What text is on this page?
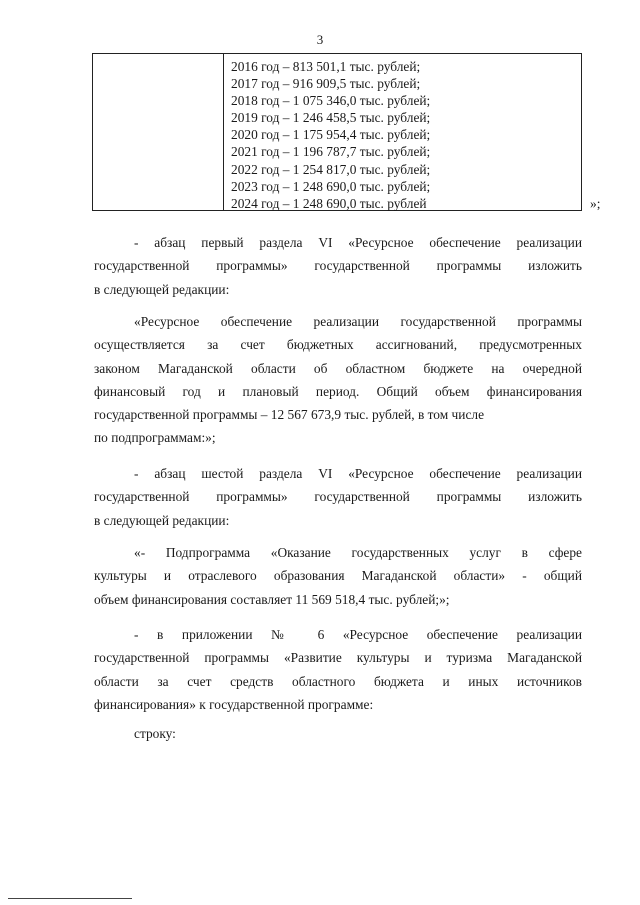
3
2016 год – 813 501,1 тыс. рублей;
2017 год – 916 909,5 тыс. рублей;
2018 год – 1 075 346,0 тыс. рублей;
2019 год – 1 246 458,5 тыс. рублей;
2020 год – 1 175 954,4 тыс. рублей;
2021 год – 1 196 787,7 тыс. рублей;
2022 год – 1 254 817,0 тыс. рублей;
2023 год – 1 248 690,0 тыс. рублей;
2024 год – 1 248 690,0 тыс. рублей	»;
- абзац первый раздела VI «Ресурсное обеспечение реализации
государственной программы» государственной программы изложить
в следующей редакции:
«Ресурсное обеспечение реализации государственной программы
осуществляется за счет бюджетных ассигнований, предусмотренных
законом Магаданской области об областном бюджете на очередной
финансовый год и плановый период. Общий объем финансирования
государственной программы – 12 567 673,9 тыс. рублей, в том числе
по подпрограммам:»;
- абзац шестой раздела VI «Ресурсное обеспечение реализации
государственной программы» государственной программы изложить
в следующей редакции:
«- Подпрограмма «Оказание государственных услуг в сфере
культуры и отраслевого образования Магаданской области» - общий
объем финансирования составляет 11 569 518,4 тыс. рублей;»;
- в приложении № 6 «Ресурсное обеспечение реализации
государственной программы «Развитие культуры и туризма Магаданской
области за счет средств областного бюджета и иных источников
финансирования» к государственной программе:
строку:
